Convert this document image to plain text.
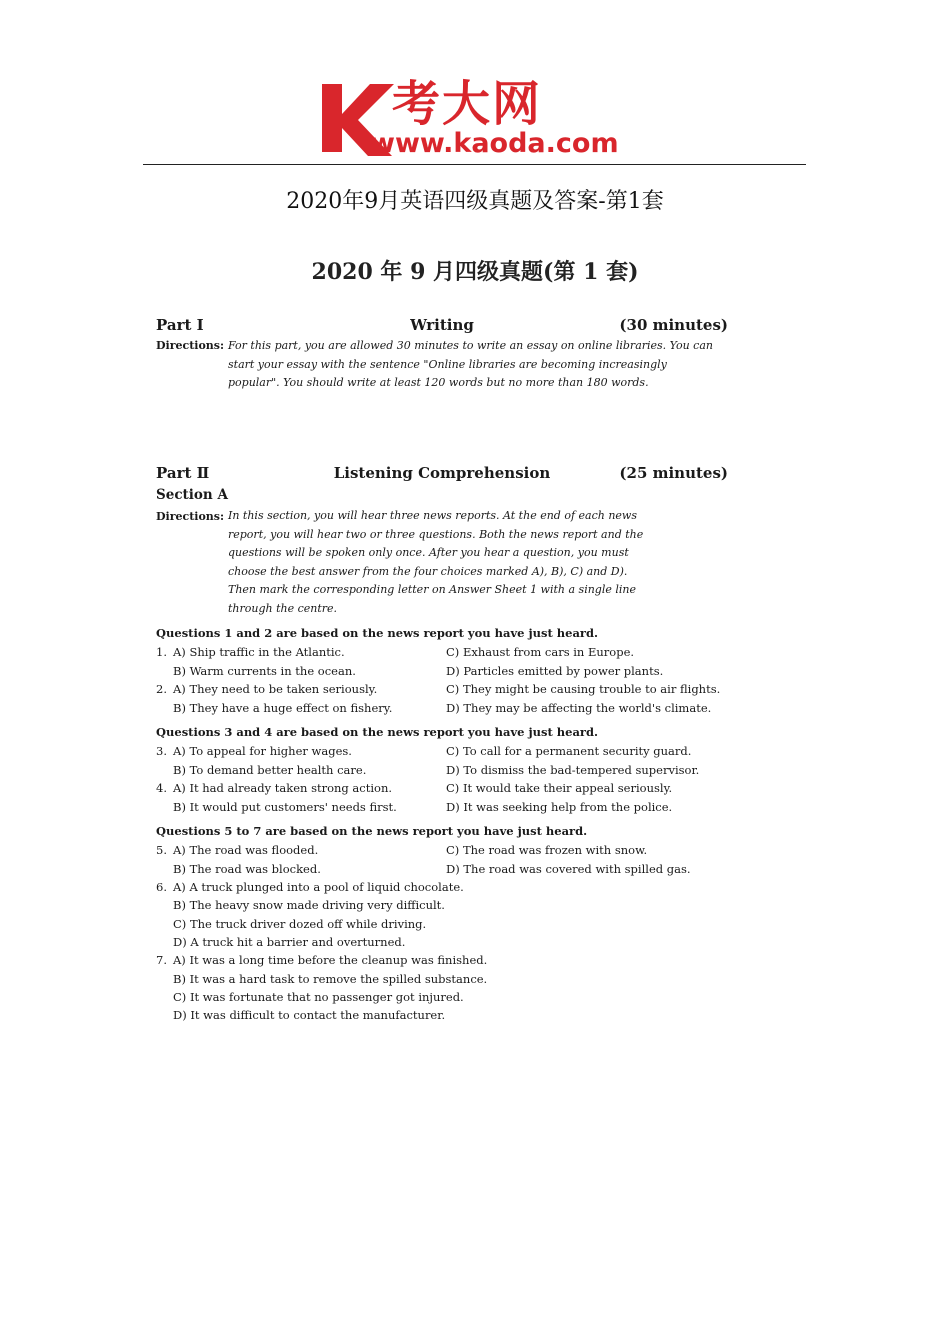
考大网
www.kaoda.com
2020年9月英语四级真题及答案-第1套
2020 年 9 月四级真题(第 1 套)
Part Ⅰ	Writing	(30 minutes)
Directions: For this part, you are allowed 30 minutes to write an essay on online libraries. You can
start your essay with the sentence "Online libraries are becoming increasingly
popular". You should write at least 120 words but no more than 180 words.
Part Ⅱ	Listening Comprehension	(25 minutes)
Section A
Directions: In this section, you will hear three news reports. At the end of each news
report, you will hear two or three questions. Both the news report and the
questions will be spoken only once. After you hear a question, you must
choose the best answer from the four choices marked A), B), C) and D).
Then mark the corresponding letter on Answer Sheet 1 with a single line
through the centre.
Questions 1 and 2 are based on the news report you have just heard.
1. A) Ship traffic in the Atlantic.	C) Exhaust from cars in Europe.
B) Warm currents in the ocean.	D) Particles emitted by power plants.
2. A) They need to be taken seriously.	C) They might be causing trouble to air flights.
B) They have a huge effect on fishery.	D) They may be affecting the world's climate.
Questions 3 and 4 are based on the news report you have just heard.
3. A) To appeal for higher wages.	C) To call for a permanent security guard.
B) To demand better health care.	D) To dismiss the bad-tempered supervisor.
4. A) It had already taken strong action.	C) It would take their appeal seriously.
B) It would put customers' needs first.	D) It was seeking help from the police.
Questions 5 to 7 are based on the news report you have just heard.
5. A) The road was flooded.	C) The road was frozen with snow.
B) The road was blocked.	D) The road was covered with spilled gas.
6. A) A truck plunged into a pool of liquid chocolate.
B) The heavy snow made driving very difficult.
C) The truck driver dozed off while driving.
D) A truck hit a barrier and overturned.
7. A) It was a long time before the cleanup was finished.
B) It was a hard task to remove the spilled substance.
C) It was fortunate that no passenger got injured.
D) It was difficult to contact the manufacturer.
